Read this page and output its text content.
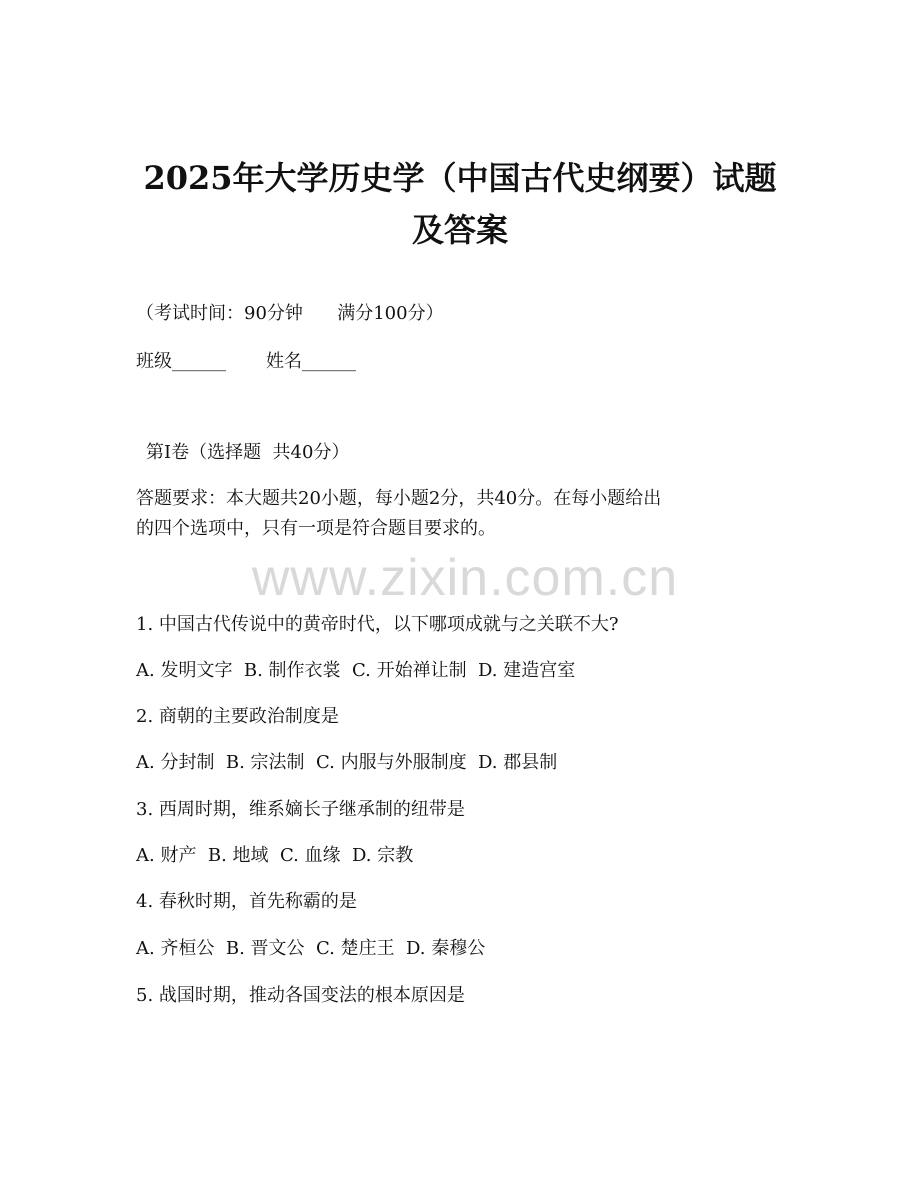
2025年大学历史学（中国古代史纲要）试题
及答案
（考试时间：90分钟      满分100分）
班级______       姓名______
第I卷（选择题  共40分）
答题要求：本大题共20小题，每小题2分，共40分。在每小题给出
的四个选项中，只有一项是符合题目要求的。
www.zixin.com.cn
1. 中国古代传说中的黄帝时代，以下哪项成就与之关联不大?
A. 发明文字  B. 制作衣裳  C. 开始禅让制  D. 建造宫室
2. 商朝的主要政治制度是
A. 分封制  B. 宗法制  C. 内服与外服制度  D. 郡县制
3. 西周时期，维系嫡长子继承制的纽带是
A. 财产  B. 地域  C. 血缘  D. 宗教
4. 春秋时期，首先称霸的是
A. 齐桓公  B. 晋文公  C. 楚庄王  D. 秦穆公
5. 战国时期，推动各国变法的根本原因是
